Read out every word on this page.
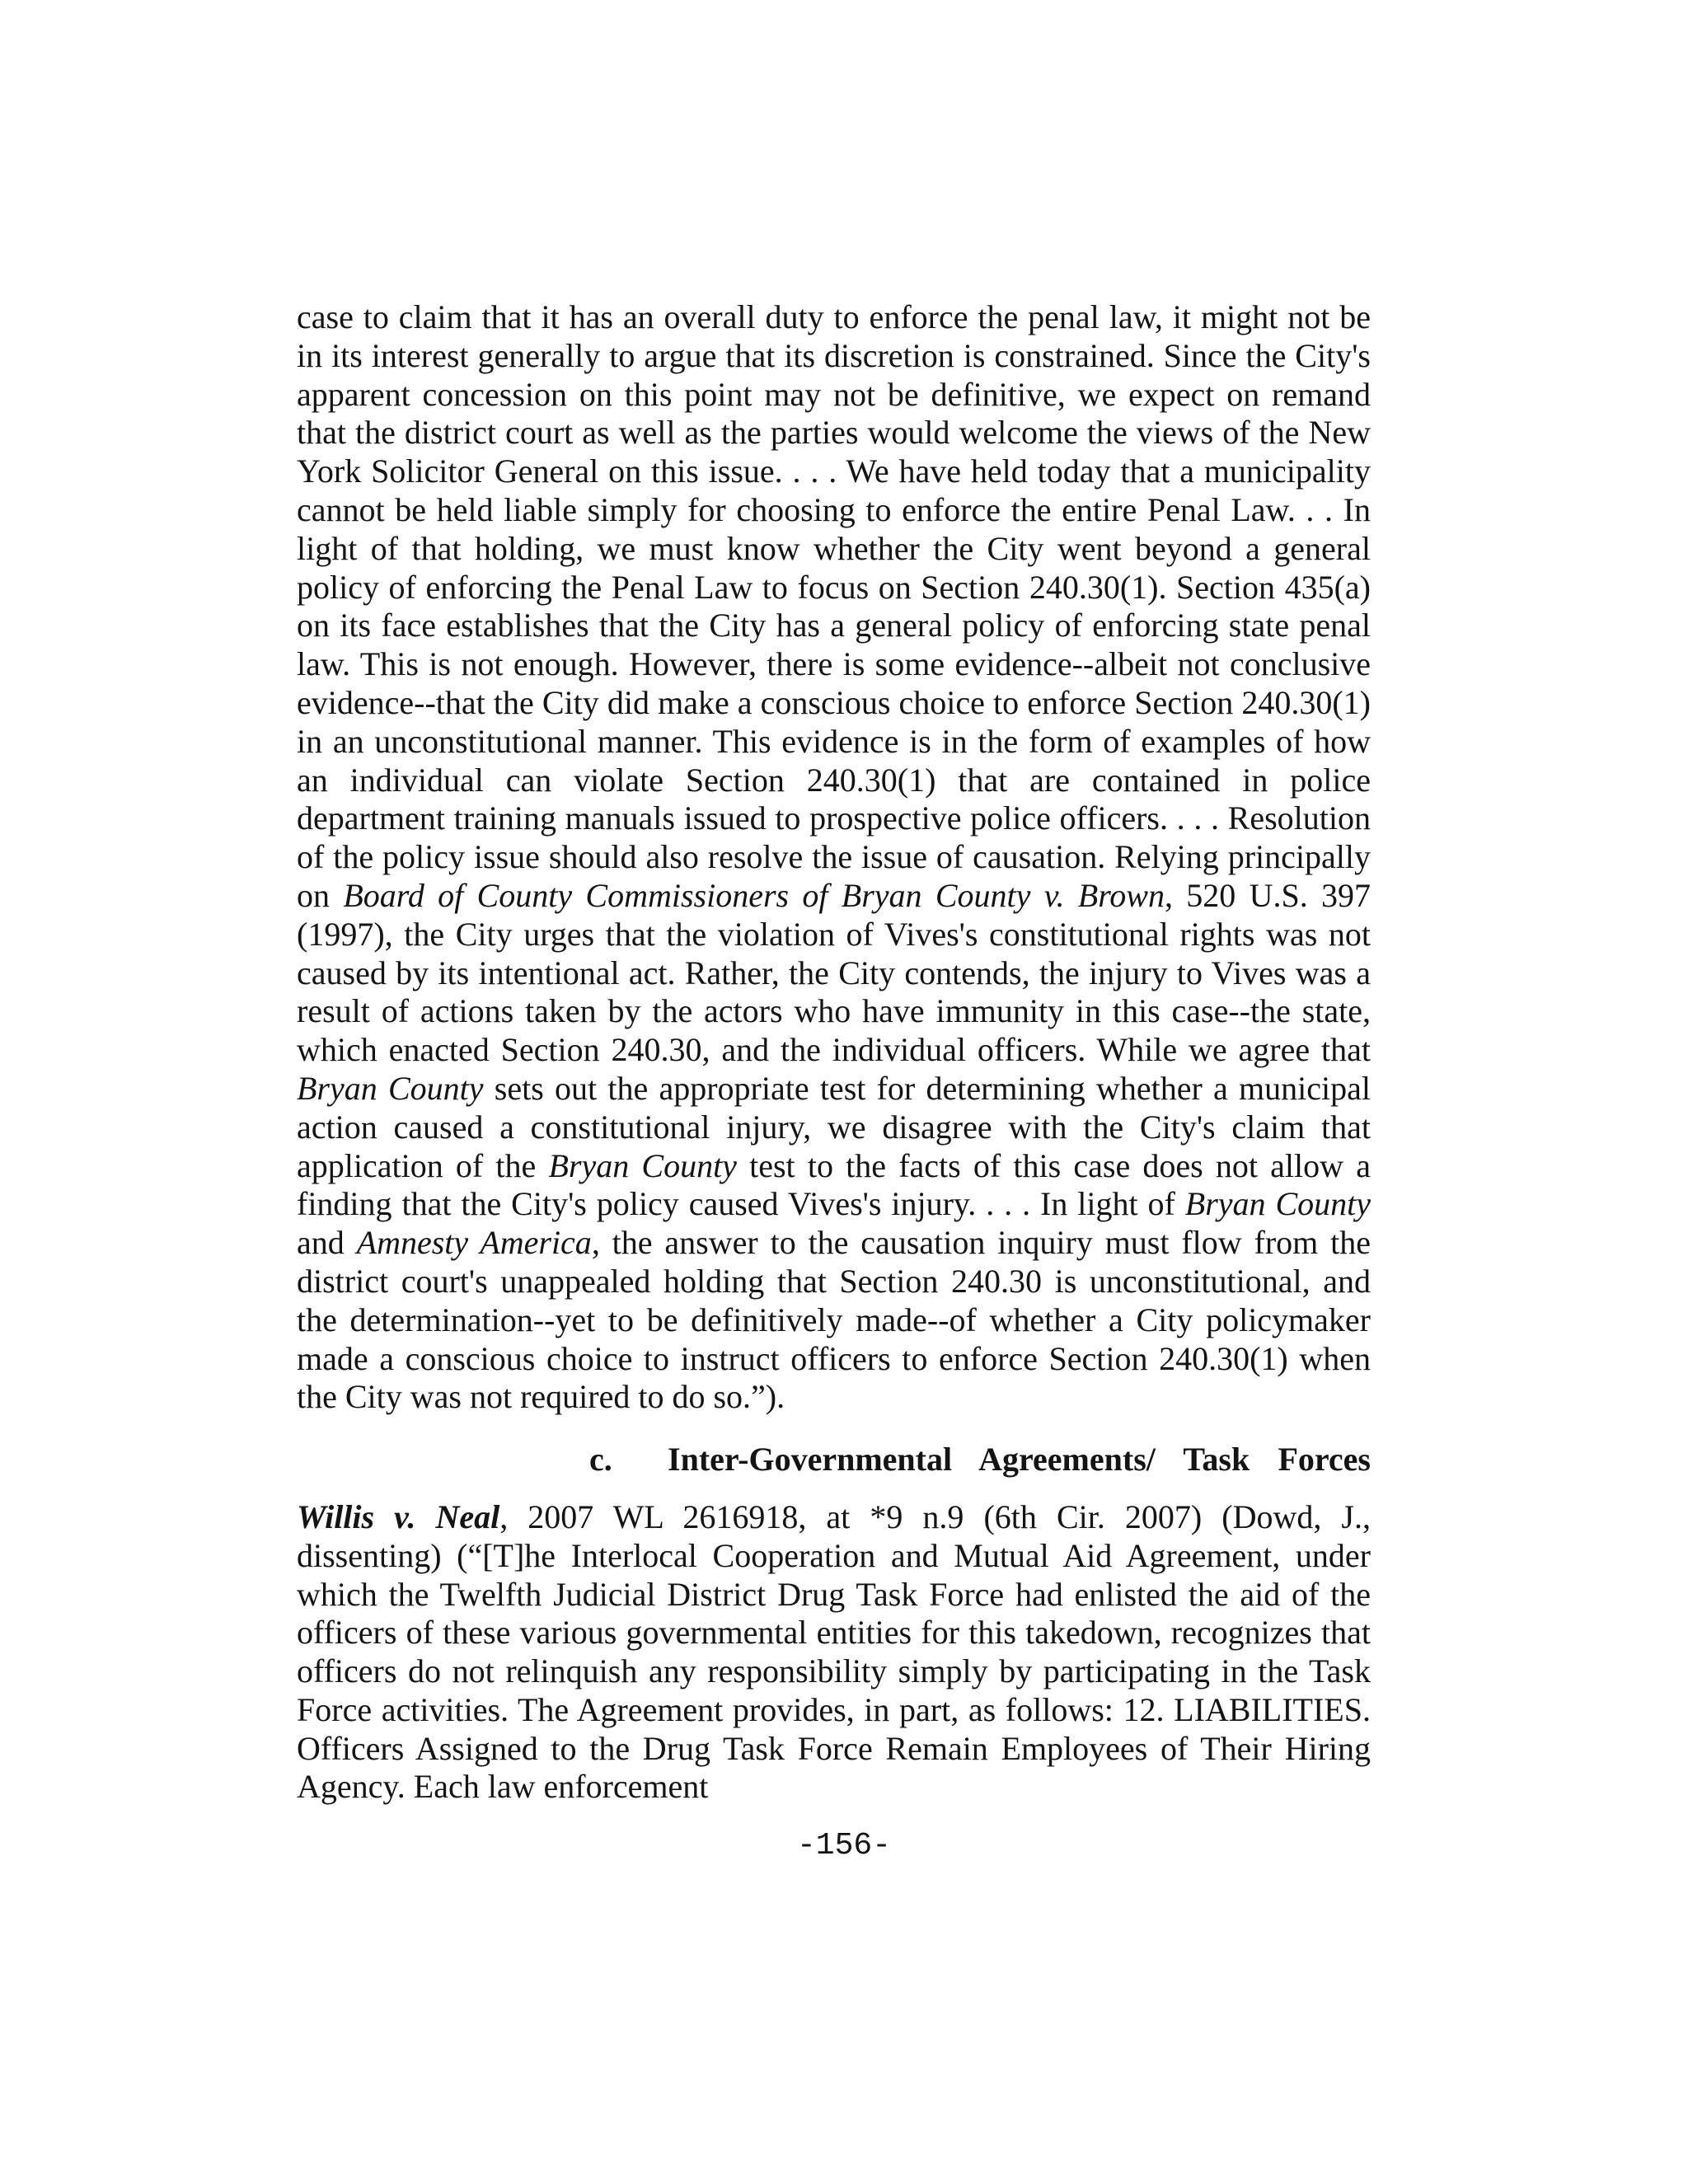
case to claim that it has an overall duty to enforce the penal law, it might not be in its interest generally to argue that its discretion is constrained. Since the City's apparent concession on this point may not be definitive, we expect on remand that the district court as well as the parties would welcome the views of the New York Solicitor General on this issue. . . . We have held today that a municipality cannot be held liable simply for choosing to enforce the entire Penal Law. . . In light of that holding, we must know whether the City went beyond a general policy of enforcing the Penal Law to focus on Section 240.30(1). Section 435(a) on its face establishes that the City has a general policy of enforcing state penal law. This is not enough. However, there is some evidence--albeit not conclusive evidence--that the City did make a conscious choice to enforce Section 240.30(1) in an unconstitutional manner. This evidence is in the form of examples of how an individual can violate Section 240.30(1) that are contained in police department training manuals issued to prospective police officers. . . . Resolution of the policy issue should also resolve the issue of causation. Relying principally on Board of County Commissioners of Bryan County v. Brown, 520 U.S. 397 (1997), the City urges that the violation of Vives's constitutional rights was not caused by its intentional act. Rather, the City contends, the injury to Vives was a result of actions taken by the actors who have immunity in this case--the state, which enacted Section 240.30, and the individual officers. While we agree that Bryan County sets out the appropriate test for determining whether a municipal action caused a constitutional injury, we disagree with the City's claim that application of the Bryan County test to the facts of this case does not allow a finding that the City's policy caused Vives's injury. . . . In light of Bryan County and Amnesty America, the answer to the causation inquiry must flow from the district court's unappealed holding that Section 240.30 is unconstitutional, and the determination--yet to be definitively made--of whether a City policymaker made a conscious choice to instruct officers to enforce Section 240.30(1) when the City was not required to do so.”).

c.	Inter-Governmental Agreements/ Task Forces

Willis v. Neal, 2007 WL 2616918, at *9 n.9 (6th Cir. 2007) (Dowd, J., dissenting) (“[T]he Interlocal Cooperation and Mutual Aid Agreement, under which the Twelfth Judicial District Drug Task Force had enlisted the aid of the officers of these various governmental entities for this takedown, recognizes that officers do not relinquish any responsibility simply by participating in the Task Force activities. The Agreement provides, in part, as follows: 12. LIABILITIES. Officers Assigned to the Drug Task Force Remain Employees of Their Hiring Agency. Each law enforcement

-156-
